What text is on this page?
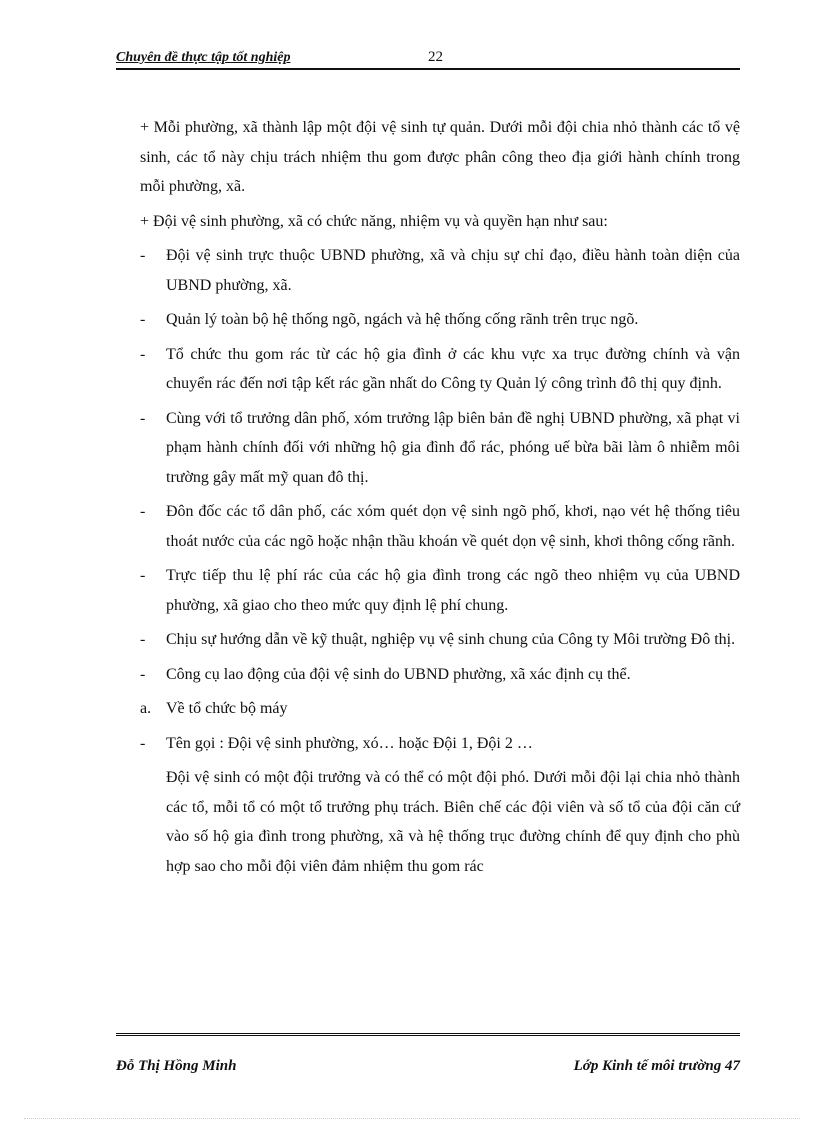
Chuyên đề thực tập tốt nghiệp	22

+ Mỗi phường, xã thành lập một đội vệ sinh tự quản. Dưới mỗi đội chia nhỏ thành các tổ vệ sinh, các tổ này chịu trách nhiệm thu gom được phân công theo địa giới hành chính trong mỗi phường, xã.

+ Đội vệ sinh phường, xã có chức năng, nhiệm vụ và quyền hạn như sau:

- Đội vệ sinh trực thuộc UBND phường, xã và chịu sự chỉ đạo, điều hành toàn diện của UBND phường, xã.
- Quản lý toàn bộ hệ thống ngõ, ngách và hệ thống cống rãnh trên trục ngõ.
- Tổ chức thu gom rác từ các hộ gia đình ở các khu vực xa trục đường chính và vận chuyển rác đến nơi tập kết rác gần nhất do Công ty Quản lý công trình đô thị quy định.
- Cùng với tổ trưởng dân phố, xóm trưởng lập biên bản đề nghị UBND phường, xã phạt vi phạm hành chính đối với những hộ gia đình đổ rác, phóng uế bừa bãi làm ô nhiễm môi trường gây mất mỹ quan đô thị.
- Đôn đốc các tổ dân phố, các xóm quét dọn vệ sinh ngõ phố, khơi, nạo vét hệ thống tiêu thoát nước của các ngõ hoặc nhận thầu khoán về quét dọn vệ sinh, khơi thông cống rãnh.
- Trực tiếp thu lệ phí rác của các hộ gia đình trong các ngõ theo nhiệm vụ của UBND phường, xã giao cho theo mức quy định lệ phí chung.
- Chịu sự hướng dẫn về kỹ thuật, nghiệp vụ vệ sinh chung của Công ty Môi trường Đô thị.
- Công cụ lao động của đội vệ sinh do UBND phường, xã xác định cụ thể.
a. Về tổ chức bộ máy
- Tên gọi : Đội vệ sinh phường, xó… hoặc Đội 1, Đội 2 …

Đội vệ sinh có một đội trưởng và có thể có một đội phó. Dưới mỗi đội lại chia nhỏ thành các tổ, mỗi tổ có một tổ trưởng phụ trách. Biên chế các đội viên và số tổ của đội căn cứ vào số hộ gia đình trong phường, xã và hệ thống trục đường chính để quy định cho phù hợp sao cho mỗi đội viên đảm nhiệm thu gom rác

Đỗ Thị Hồng Minh	Lớp Kinh tế môi trường 47
